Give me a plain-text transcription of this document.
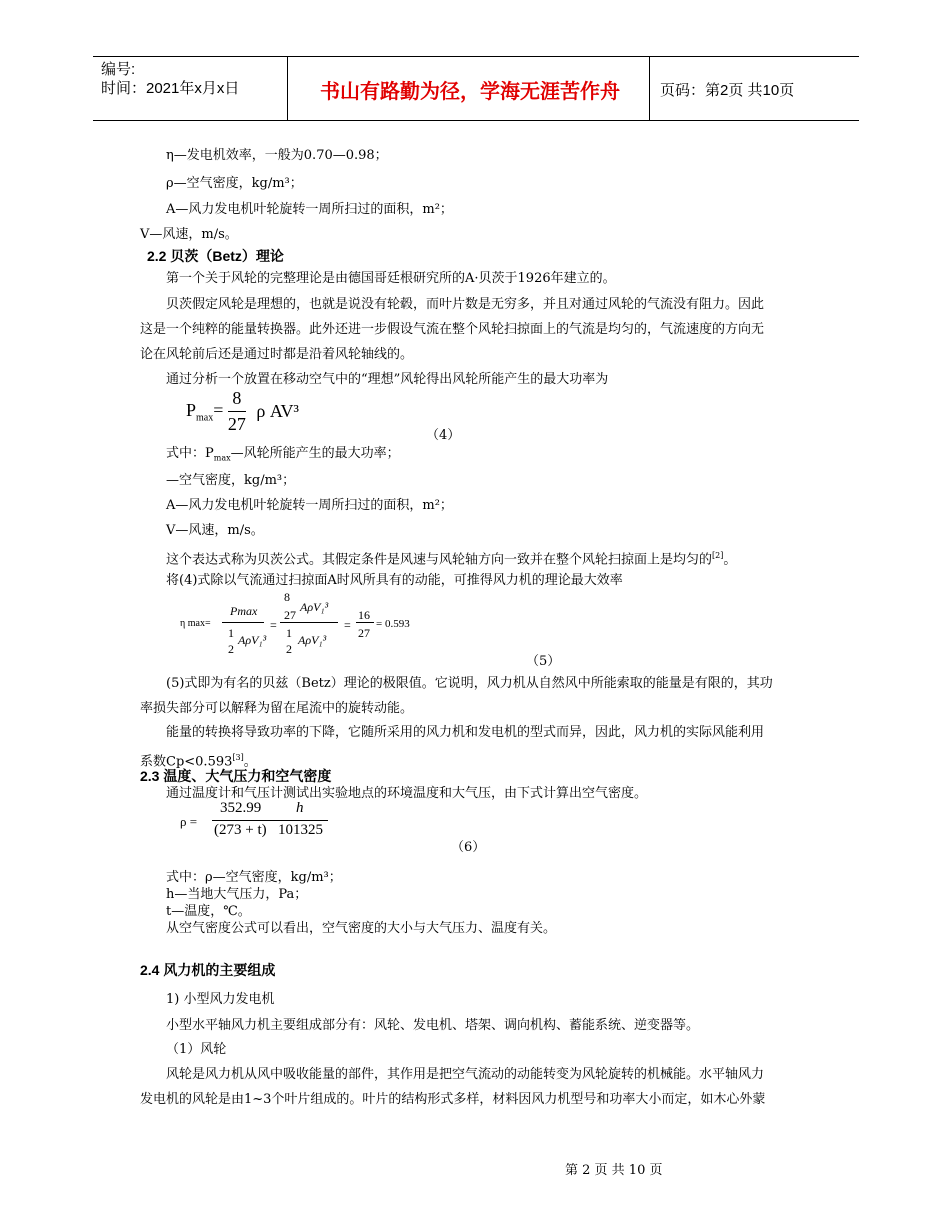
编号:
时间：2021年x月x日	书山有路勤为径，学海无涯苦作舟	页码：第2页 共10页
η—发电机效率，一般为0.70—0.98；
ρ—空气密度，kg/m³；
A—风力发电机叶轮旋转一周所扫过的面积，m²；
V—风速，m/s。
2.2 贝茨（Betz）理论
第一个关于风轮的完整理论是由德国哥廷根研究所的A·贝茨于1926年建立的。
贝茨假定风轮是理想的，也就是说没有轮毂，而叶片数是无穷多，并且对通过风轮的气流没有阻力。因此
这是一个纯粹的能量转换器。此外还进一步假设气流在整个风轮扫掠面上的气流是均匀的，气流速度的方向无
论在风轮前后还是通过时都是沿着风轮轴线的。
通过分析一个放置在移动空气中的“理想”风轮得出风轮所能产生的最大功率为
$P_{max}= \frac{8}{27}$ ρ AV³
（4）
式中：$P_{max}—$风轮所能产生的最大功率；
—空气密度，kg/m³；
A—风力发电机叶轮旋转一周所扫过的面积，m²；
V—风速，m/s。
这个表达式称为贝茨公式。其假定条件是风速与风轮轴方向一致并在整个风轮扫掠面上是均匀的[2]。
将(4)式除以气流通过扫掠面A时风所具有的动能，可推得风力机的理论最大效率
η max=
Pmax
1
2
AρV₁³
=
8
27
AρV₁³
1
2
AρV₁³
=
16
27
= 0.593
（5）
(5)式即为有名的贝兹（Betz）理论的极限值。它说明，风力机从自然风中所能索取的能量是有限的，其功
率损失部分可以解释为留在尾流中的旋转动能。
能量的转换将导致功率的下降，它随所采用的风力机和发电机的型式而异，因此，风力机的实际风能利用
系数Cp<0.593[3]。
2.3 温度、大气压力和空气密度
通过温度计和气压计测试出实验地点的环境温度和大气压，由下式计算出空气密度。
ρ =
352.99
(273 + t)
h
101325
（6）
式中：ρ—空气密度，kg/m³；
h—当地大气压力，Pa；
t—温度，℃。
从空气密度公式可以看出，空气密度的大小与大气压力、温度有关。
2.4 风力机的主要组成
1) 小型风力发电机
小型水平轴风力机主要组成部分有：风轮、发电机、塔架、调向机构、蓄能系统、逆变器等。
（1）风轮
风轮是风力机从风中吸收能量的部件，其作用是把空气流动的动能转变为风轮旋转的机械能。水平轴风力
发电机的风轮是由1~3个叶片组成的。叶片的结构形式多样，材料因风力机型号和功率大小而定，如木心外蒙
第 2 页 共 10 页
